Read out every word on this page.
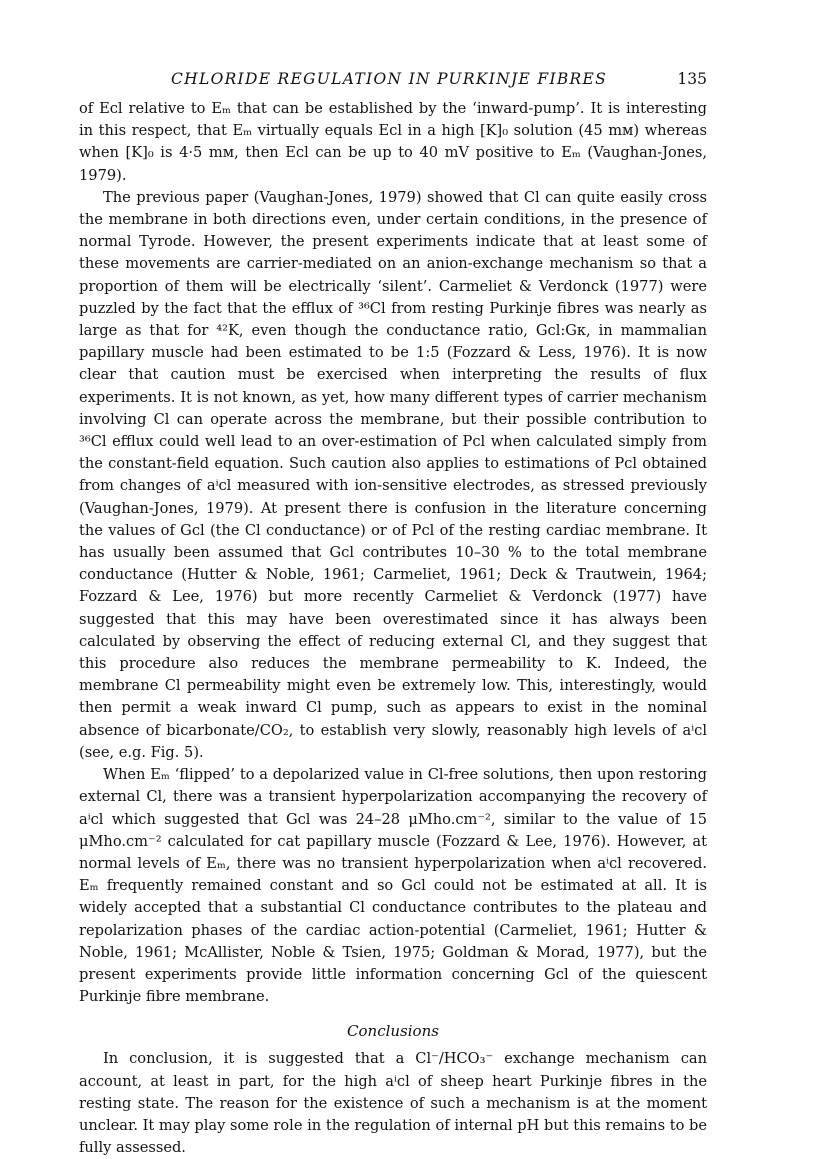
CHLORIDE REGULATION IN PURKINJE FIBRES	135

of Eᴄl relative to Eₘ that can be established by the ‘inward-pump’. It is interesting in this respect, that Eₘ virtually equals Eᴄl in a high [K]₀ solution (45 mᴍ) whereas when [K]₀ is 4·5 mᴍ, then Eᴄl can be up to 40 mV positive to Eₘ (Vaughan-Jones, 1979).

The previous paper (Vaughan-Jones, 1979) showed that Cl can quite easily cross the membrane in both directions even, under certain conditions, in the presence of normal Tyrode. However, the present experiments indicate that at least some of these movements are carrier-mediated on an anion-exchange mechanism so that a proportion of them will be electrically ‘silent’. Carmeliet & Verdonck (1977) were puzzled by the fact that the efflux of ³⁶Cl from resting Purkinje fibres was nearly as large as that for ⁴²K, even though the conductance ratio, Gᴄl:Gᴋ, in mammalian papillary muscle had been estimated to be 1:5 (Fozzard & Less, 1976). It is now clear that caution must be exercised when interpreting the results of flux experiments. It is not known, as yet, how many different types of carrier mechanism involving Cl can operate across the membrane, but their possible contribution to ³⁶Cl efflux could well lead to an over-estimation of Pᴄl when calculated simply from the constant-field equation. Such caution also applies to estimations of Pᴄl obtained from changes of aⁱᴄl measured with ion-sensitive electrodes, as stressed previously (Vaughan-Jones, 1979). At present there is confusion in the literature concerning the values of Gᴄl (the Cl conductance) or of Pᴄl of the resting cardiac membrane. It has usually been assumed that Gᴄl contributes 10–30 % to the total membrane conductance (Hutter & Noble, 1961; Carmeliet, 1961; Deck & Trautwein, 1964; Fozzard & Lee, 1976) but more recently Carmeliet & Verdonck (1977) have suggested that this may have been overestimated since it has always been calculated by observing the effect of reducing external Cl, and they suggest that this procedure also reduces the membrane permeability to K. Indeed, the membrane Cl permeability might even be extremely low. This, interestingly, would then permit a weak inward Cl pump, such as appears to exist in the nominal absence of bicarbonate/CO₂, to establish very slowly, reasonably high levels of aⁱᴄl (see, e.g. Fig. 5).

When Eₘ ‘flipped’ to a depolarized value in Cl-free solutions, then upon restoring external Cl, there was a transient hyperpolarization accompanying the recovery of aⁱᴄl which suggested that Gᴄl was 24–28 μMho.cm⁻², similar to the value of 15 μMho.cm⁻² calculated for cat papillary muscle (Fozzard & Lee, 1976). However, at normal levels of Eₘ, there was no transient hyperpolarization when aⁱᴄl recovered. Eₘ frequently remained constant and so Gᴄl could not be estimated at all. It is widely accepted that a substantial Cl conductance contributes to the plateau and repolarization phases of the cardiac action-potential (Carmeliet, 1961; Hutter & Noble, 1961; McAllister, Noble & Tsien, 1975; Goldman & Morad, 1977), but the present experiments provide little information concerning Gᴄl of the quiescent Purkinje fibre membrane.

Conclusions

In conclusion, it is suggested that a Cl⁻/HCO₃⁻ exchange mechanism can account, at least in part, for the high aⁱᴄl of sheep heart Purkinje fibres in the resting state. The reason for the existence of such a mechanism is at the moment unclear. It may play some role in the regulation of internal pH but this remains to be fully assessed.
